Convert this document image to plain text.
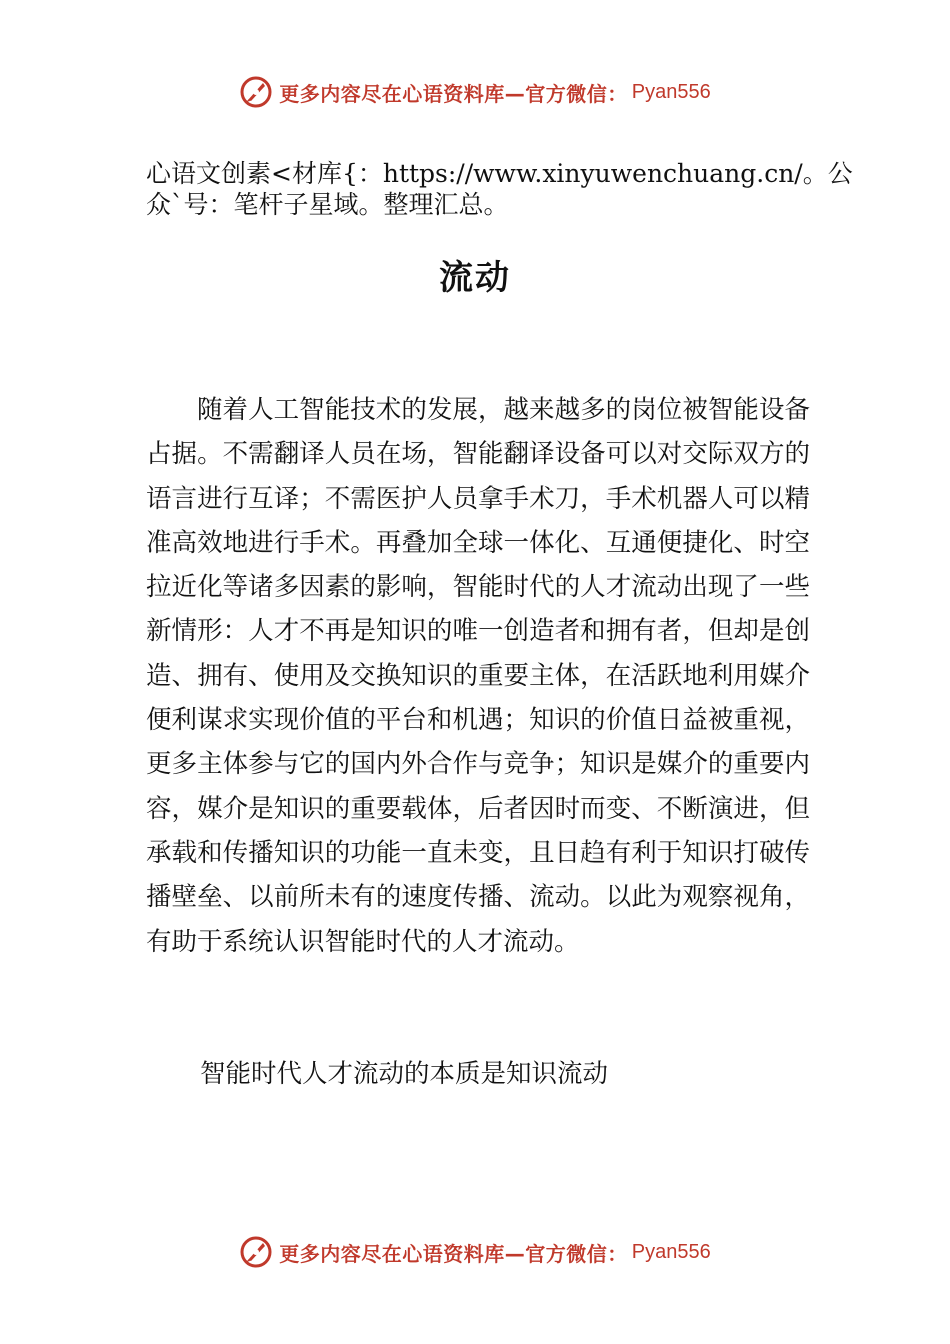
更多内容尽在心语资料库—官方微信： Pyan556
心语文创素<材库{：https://www.xinyuwenchuang.cn/。公众`号：笔杆子星域。整理汇总。
流动
随着人工智能技术的发展，越来越多的岗位被智能设备占据。不需翻译人员在场，智能翻译设备可以对交际双方的语言进行互译；不需医护人员拿手术刀，手术机器人可以精准高效地进行手术。再叠加全球一体化、互通便捷化、时空拉近化等诸多因素的影响，智能时代的人才流动出现了一些新情形：人才不再是知识的唯一创造者和拥有者，但却是创造、拥有、使用及交换知识的重要主体，在活跃地利用媒介便利谋求实现价值的平台和机遇；知识的价值日益被重视，更多主体参与它的国内外合作与竞争；知识是媒介的重要内容，媒介是知识的重要载体，后者因时而变、不断演进，但承载和传播知识的功能一直未变，且日趋有利于知识打破传播壁垒、以前所未有的速度传播、流动。以此为观察视角，有助于系统认识智能时代的人才流动。
智能时代人才流动的本质是知识流动
更多内容尽在心语资料库—官方微信： Pyan556
